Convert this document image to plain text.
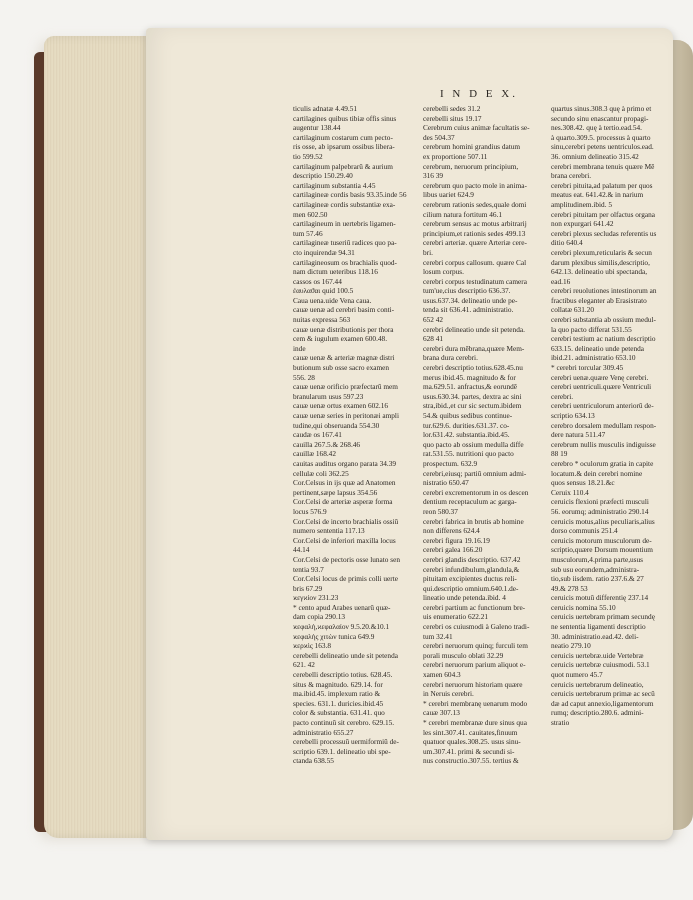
I N D E X.
ticulis adnatæ 4.49.51
cartilagines quibus tibiæ offis sinus
augentur 138.44
cartilaginum costarum cum pecto-
ris osse, ab ipsarum ossibus libera-
tio 599.52
cartilaginum palpebrarū & aurium
descriptio 150.29.40
cartilaginum substantia 4.45
cartilagineæ cordis basis 93.35.inde 56
cartilagineæ cordis substantiæ exa-
men 602.50
cartilagineum in uertebris ligamen-
tum 57.46
cartilagineæ tuseriū radices quo pa-
cto inquirendæ 94.31
cartilagineosum os brachialis quod-
nam dictum ueteribus 118.16
cassos os 167.44
ἐαυλαϑαι quid 100.5
Caua uena.uide Vena caua.
cauæ uenæ ad cerebri basim conti-
nuitas expressa 563
cauæ uenæ distributionis per thora
cem & iugulum examen 600.48.
inde
cauæ uenæ & arteriæ magnæ distri
butionum sub osse sacro examen
556. 28
cauæ uenæ orificio præfectarū mem
branularum usus 597.23
cauæ uenæ ortus examen 602.16
cauæ uenæ series in peritonæi ampli
tudine,qui obseruanda 554.30
caudæ os 167.41
cauilla 267.5.& 268.46
cauillæ 168.42
cauitas auditus organo parata 34.39
cellulæ coli 362.25
Cor.Celsus in ijs quæ ad Anatomen
pertinent,sæpe lapsus 354.56
Cor.Celsi de arteriæ asperæ forma
locus 576.9
Cor.Celsi de incerto brachialis ossiū
numero sententia 117.13
Cor.Celsi de inferiori maxilla locus
44.14
Cor.Celsi de pectoris osse lunato sen
tentia 93.7
Cor.Celsi locus de primis colli uerte
bris 67.29
ϰεγϰίον 231.23
* cento apud Arabes uenarū quæ-
dam copia 290.13
ϰεφαλὴ,ϰεφαλαίον 9.5.20.&10.1
ϰεφαλὴς χιτὼν tunica 649.9
ϰερϰὶς 163.8
cerebelli delineatio unde sit petenda
621. 42
cerebelli descriptio totius. 628.45.
situs & magnitudo. 629.14. for
ma.ibid.45. implexum ratio &
species. 631.1. duricies.ibid.45
color & substantia. 631.41. quo
pacto continuū sit cerebro. 629.15.
administratio 655.27
cerebelli processuū uermiformiū de-
scriptio 639.1. delineatio ubi spe-
ctanda 638.55
cerebelli sedes 31.2
cerebelli situs 19.17
Cerebrum cuius animæ facultatis se-
des 504.37
cerebrum homini grandius datum
ex proportione 507.11
cerebrum, neruorum principium,
316 39
cerebrum quo pacto mole in anima-
libus uariet 624.9
cerebrum rationis sedes,quale domi
cilium natura fortitum 46.1
cerebrum sensus ac motus arbitrarij
principium,et rationis sedes 499.13
cerebri arteriæ. quære Arteriæ cere-
bri.
cerebri corpus callosum. quære Cal
losum corpus.
cerebri corpus testudinatum camera
tum'ue,cius descriptio 636.37.
usus.637.34. delineatio unde pe-
tenda sit 636.41. administratio.
652 42
cerebri delineatio unde sit petenda.
628 41
cerebri dura mēbrana,quære Mem-
brana dura cerebri.
cerebri descriptio totius.628.45.nu
merus ibid.45. magnitudo & for
ma.629.51. anfractus,& eorundē
usus.630.34. partes, dextra ac sini
stra,ibid.,et cur sic sectum.ibidem
54.& quibus sedibus continue-
tur.629.6. durities.631.37. co-
lor.631.42. substantia.ibid.45.
quo pacto ab ossium medulla diffe
rat.531.55. nutritioni quo pacto
prospectum. 632.9
cerebri,eiusq; partiū omnium admi-
nistratio 650.47
cerebri excrementorum in os descen
dentium receptaculum ac garga-
reon 580.37
cerebri fabrica in brutis ab homine
non differens 624.4
cerebri figura 19.16.19
cerebri galea 166.20
cerebri glandis descriptio. 637.42
cerebri infundibulum,glandula,&
pituitam excipientes ductus reli-
qui.descriptio omnium.640.1.de-
lineatio unde petenda.ibid. 4
cerebri partium ac functionum bre-
uis enumeratio 622.21
cerebri os cuiusmodi à Galeno tradi-
tum 32.41
cerebri neruorum quinq; furculi tem
porali musculo oblati 32.29
cerebri neruorum parium aliquot e-
xamen 604.3
cerebri neruorum historiam quære
in Neruis cerebri.
* cerebri membranę uenarum modo
cauæ 307.13
* cerebri membranæ dure sinus qua
les sint.307.41. cauitates,finuum
quatuor quales.308.25. usus sinu-
um.307.41. primi & secundi si-
nus constructio.307.55. tertius &
quartus sinus.308.3 quę à primo et
secundo sinu enascantur propagi-
nes.308.42. quę à tertio.ead.54.
à quarto.309.5. processus à quarto
sinu,cerebri petens uentriculos.ead.
36. omnium delineatio 315.42
cerebri membrana tenuis quære Mē
brana cerebri.
cerebri pituita,ad palatum per quos
meatus eat. 641.42.& in narium
amplitudinem.ibid. 5
cerebri pituitam per olfactus organa
non expurgari 641.42
cerebri plexus secludas referentis us
ditio 640.4
cerebri plexum,reticularis & secun
darum plexibus similis,descriptio,
642.13. delineatio ubi spectanda,
ead.16
cerebri reuolutiones intestinorum an
fractibus eleganter ab Erasistrato
collatæ 631.20
cerebri substantia ab ossium medul-
la quo pacto differat 531.55
cerebri testium ac natium descriptio
633.15. delineatio unde petenda
ibid.21. administratio 653.10
* cerebri torcular 309.45
cerebri uenæ.quære Venę cerebri.
cerebri uentriculi.quære Ventriculi
cerebri.
cerebri uentriculorum anteriorū de-
scriptio 634.13
cerebro dorsalem medullam respon-
dere natura 511.47
cerebrum nullis musculis indiguisse
88 19
cerebro * oculorum gratia in capite
locatum.& dein cerebri nomine
quos sensus 18.21.&c
Ceruix 110.4
ceruicis flexioni præfecti musculi
56. eorumq; administratio 290.14
ceruicis motus,alius peculiaris,alius
dorso communis 251.4
ceruicis motorum musculorum de-
scriptio,quære Dorsum mouentium
musculorum,4.prima parte,usus
sub usu eorundem,administra-
tio,sub iisdem. ratio 237.6.& 27
49.& 278 53
ceruicis motuū differentię 237.14
ceruicis nomina 55.10
ceruicis uertebram primam secundę
ne sententia ligamenti descriptio
30. administratio.ead.42. deli-
neatio 279.10
ceruicis uertebræ.uide Vertebræ
ceruicis uertebræ cuiusmodi. 53.1
quot numero 45.7
ceruicis uertebrarum delineatio,
ceruicis uertebrarum primæ ac secū
dæ ad caput annexio,ligamentorum
rumq; descriptio.280.6. admini-
stratio
